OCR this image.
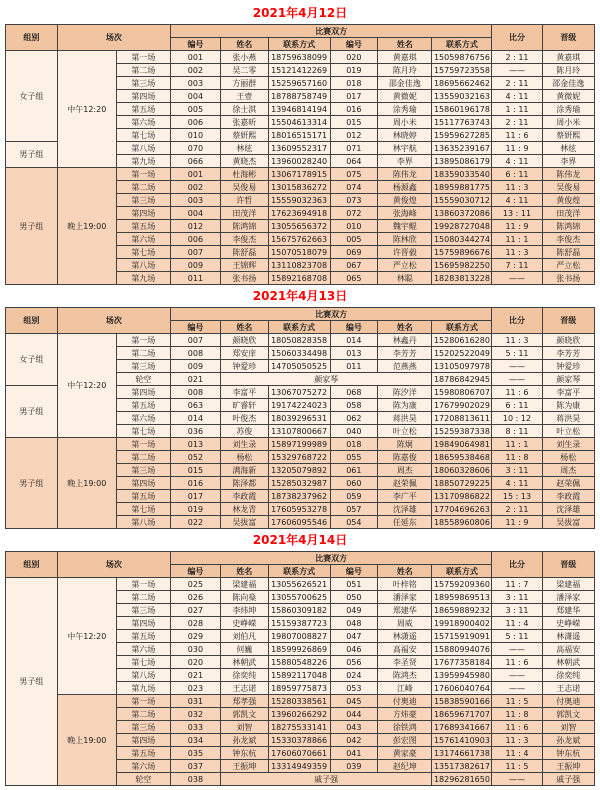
2021年4月12日
组别	场次		比赛双方						比分	晋级
			编号	姓名	联系方式	编号	姓名	联系方式		
女子组	中午12:20	第一场	001	张小燕	18759638099	020	黄嘉琪	15059876756	2 : 11	黄嘉琪
		第二场	002	吴二零	15121412269	019	陈月玲	15759723558	——	陈月玲
		第三场	003	方丽群	15259657160	018	邵金佳逸	18695662462	2 : 11	邵金佳逸
		第四场	004	王壹	18788758749	017	黄微妮	13559032163	4 : 11	黄微妮
		第五场	005	徐士淇	13946814194	016	涂秀瑜	15860196178	1 : 11	涂秀瑜
		第六场	006	张嘉昕	15504613314	015	周小米	15117763743	2 : 11	周小米
		第七场	010	蔡妍熙	18016515171	012	林晓婷	15959627285	11 : 6	蔡妍熙
男子组		第八场	070	林炫	13609552317	071	林宇航	13635239167	11 : 9	林炫
		第九场	066	黄晓杰	13960028240	064	李界	13895086179	4 : 11	李界
男子组	晚上19:00	第一场	001	杜海彬	13067178915	075	陈伟龙	18359033540	6 : 11	陈伟龙
		第二场	002	吴俊易	13015836272	074	杨源鑫	18959881775	11 : 3	吴俊易
		第三场	003	许哲	15559032363	073	黄俊煌	15559030712	4 : 11	黄俊煌
		第四场	004	田茂洋	17623694918	072	张海峰	13860372086	13 : 11	田茂洋
		第五场	012	陈鸿锦	13055656372	010	魏宇鲲	19928727048	11 : 9	陈鸿锦
		第六场	006	李俊杰	15675762663	005	陈林欣	15080344274	11 : 1	李俊杰
		第七场	007	陈舒磊	15070518079	069	许晋毅	15759896676	11 : 3	陈舒磊
		第八场	009	王锦辉	13110823708	067	严立松	15695982250	7 : 11	严立松
		第九场	011	张书扬	15892168708	065	林聪	18283813228	——	张书扬
2021年4月13日
组别	场次		比赛双方						比分	晋级
			编号	姓名	联系方式	编号	姓名	联系方式		
女子组	中午12:20	第一场	007	颜晓欣	18050828358	014	林鑫丹	15280616280	11 : 3	颜晓欣
		第二场	008	郑安庠	15060334498	013	李芳芳	15202522049	5 : 11	李芳芳
		第三场	009	钟爱珍	14705050525	011	范燕燕	13105097978	——	钟爱珍
		轮空	021	颜家琴				18786842945	——	颜家琴
男子组		第四场	008	李富平	13067075272	068	陈汐洋	15980806707	11 : 6	李富平
		第五场	063	旷睿轩	19174224023	058	陈为康	17679902029	6 : 11	陈为康
		第六场	014	叶俊杰	18039296531	062	蒋洪昊	17208813611	10 : 12	蒋洪昊
		第七场	036	苏俊	13107800667	040	叶立松	15259387338	8 : 11	叶立松
男子组	晚上19:00	第一场	013	刘生录	15897199989	018	陈炯	19849064981	11 : 1	刘生录
		第二场	052	杨松	15329768722	055	陈嘉俊	18659538468	11 : 8	杨松
		第三场	015	满海新	13205079892	061	周杰	18060328606	3 : 11	周杰
		第四场	016	陈泽都	15285032987	060	赵荣佩	18850729225	4 : 11	赵荣佩
		第五场	017	李政霞	18738237962	059	李广平	13170986822	15 : 13	李政霞
		第七场	019	林龙青	17605953278	057	沈泽雄	17704696263	2 : 11	沈泽雄
		第八场	022	吴拔富	17606095546	054	任延东	18558960806	11 : 9	吴拔富
2021年4月14日
组别	场次		比赛双方						比分	晋级
			编号	姓名	联系方式	编号	姓名	联系方式		
男子组	中午12:20	第一场	025	梁建福	13055626521	051	叶梓铭	15759209360	11 : 7	梁建福
		第二场	026	陈向燊	13055700625	050	潘泽家	18959869513	3 : 11	潘泽家
		第三场	027	李炜坤	15860309182	049	郑建华	18659889232	3 : 11	郑建华
		第四场	028	史峥嵘	15159387723	048	周威	19918900402	11 : 4	史峥嵘
		第五场	029	刘伯凡	19807008827	047	林潇遥	15715919091	5 : 11	林潇遥
		第六场	030	何巍	18599926869	046	高福安	15880994076	——	高福安
		第七场	020	林朝武	15880548226	056	李圣贤	17677358184	11 : 6	林朝武
		第八场	021	徐奕纯	15892117048	024	陈鸿杰	13959945980	——	徐奕纯
		第九场	023	王志诺	18959775873	053	江峰	17606040764	——	王志诺
	晚上19:00	第一场	031	郑孝强	15280338561	045	付奥迪	15838590166	11 : 5	付奥迪
		第二场	032	郭凯文	13960266292	044	方炜豪	18659671707	11 : 8	郭凯文
		第三场	033	刘智	18275533141	043	徐铁鸿	17689341667	11 : 6	刘智
		第四场	034	孙龙斌	15330378866	042	彭宏图	15761410903	11 : 3	孙龙斌
		第五场	035	钟东杭	17606070661	041	黄家豪	13174661738	11 : 4	钟东杭
		第六场	037	王振坤	13314949359	039	赵纪坤	13517382617	11 : 5	王振坤
		轮空	038	戚子强				18296281650	——	戚子强
